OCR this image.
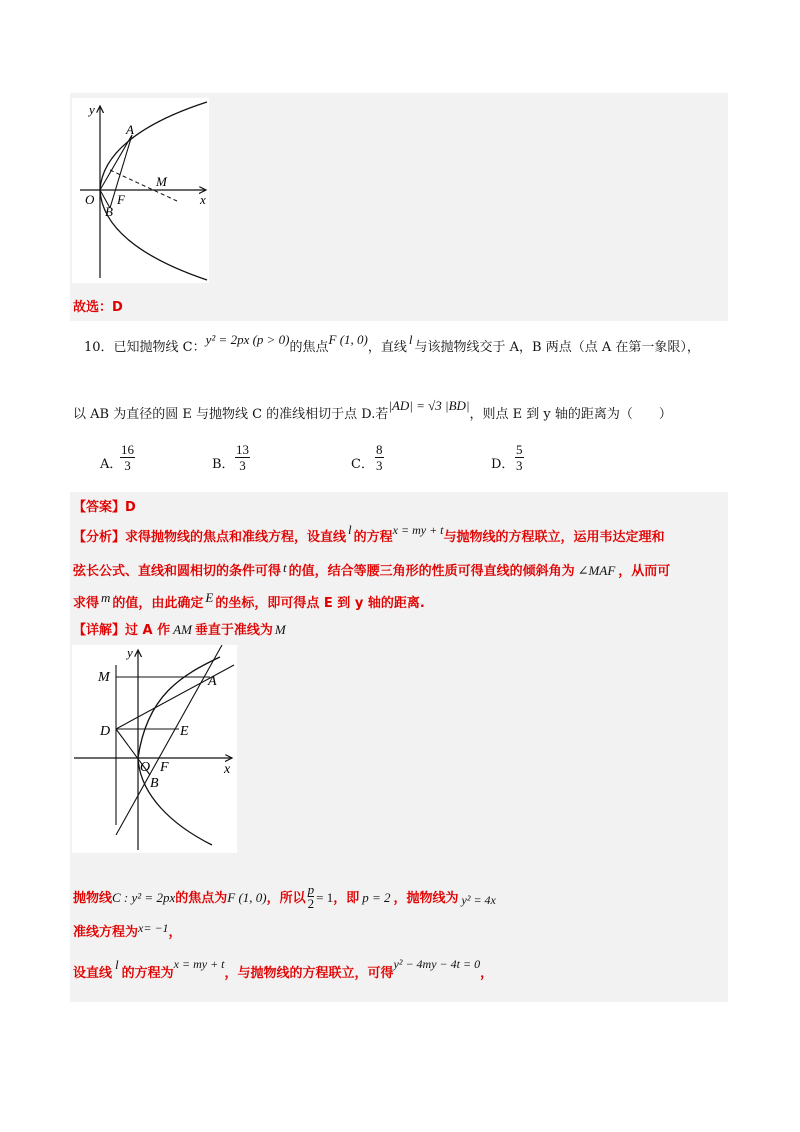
y
A
M
O F
B
x
故选：D
10．已知抛物线 C：y² = 2px (p > 0)的焦点F (1, 0)，直线l与该抛物线交于 A，B 两点（点 A 在第一象限），
以 AB 为直径的圆 E 与抛物线 C 的准线相切于点 D.若|AD| = √3 |BD|，则点 E 到 y 轴的距离为（　　）
A．
$\frac{16}{3}$	B． $\frac{13}{3}$	C． $\frac{8}{3}$	D． $\frac{5}{3}$
【答案】D
【分析】求得抛物线的焦点和准线方程，设直线l的方程x = my + t与抛物线的方程联立，运用韦达定理和
弦长公式、直线和圆相切的条件可得 t 的值，结合等腰三角形的性质可得直线的倾斜角为 ∠MAF ，从而可
求得 m 的值，由此确定 E 的坐标，即可得点 E 到 y 轴的距离.
【详解】过 A 作 AM 垂直于准线为 M
y
M	A
D	E
O F	x
B
抛物线C : y² = 2px的焦点为F (1, 0)，所以 $\frac{p}{2} = 1$，即 p = 2 ，抛物线为 y² = 4x
准线方程为x= −1，
设直线l的方程为x = my + t，与抛物线的方程联立，可得y² − 4my − 4t = 0，
